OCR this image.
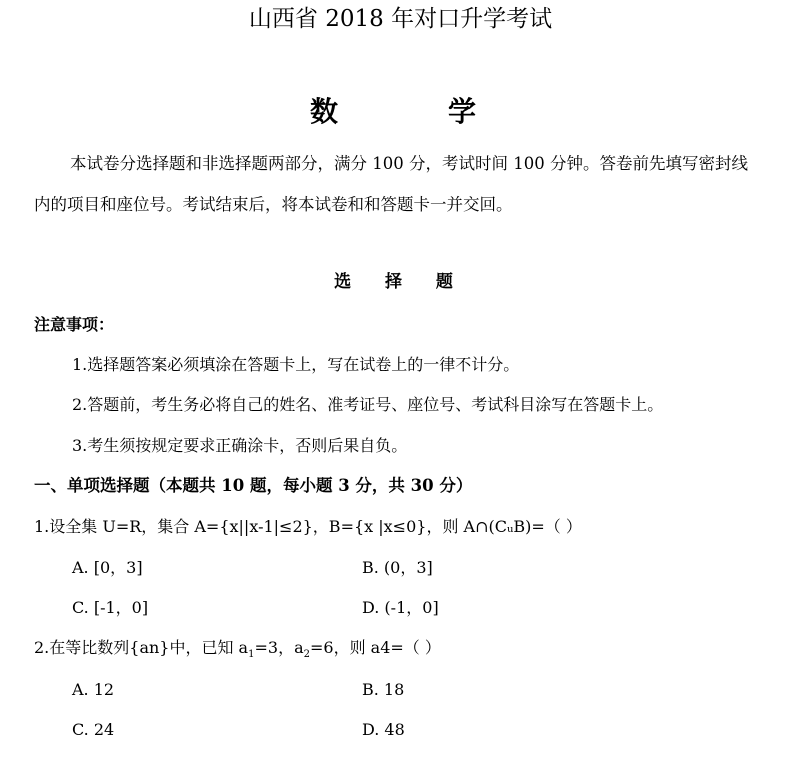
山西省 2018 年对口升学考试
数	学
本试卷分选择题和非选择题两部分，满分 100 分，考试时间 100 分钟。答卷前先填写密封线内的项目和座位号。考试结束后，将本试卷和和答题卡一并交回。
选 择 题
注意事项：
1.选择题答案必须填涂在答题卡上，写在试卷上的一律不计分。
2.答题前，考生务必将自己的姓名、准考证号、座位号、考试科目涂写在答题卡上。
3.考生须按规定要求正确涂卡，否则后果自负。
一、单项选择题（本题共 10 题，每小题 3 分，共 30 分）
1.设全集 U=R，集合 A={x||x-1|≤2}，B={x |x≤0}，则 A∩(CᵤB)=（ ）
A. [0，3]	B. (0，3]
C. [-1，0]	D. (-1，0]
2.在等比数列{an}中，已知 $a_1=3$，$a_2=6$，则 a4=（ ）
A. 12	B. 18
C. 24	D. 48
